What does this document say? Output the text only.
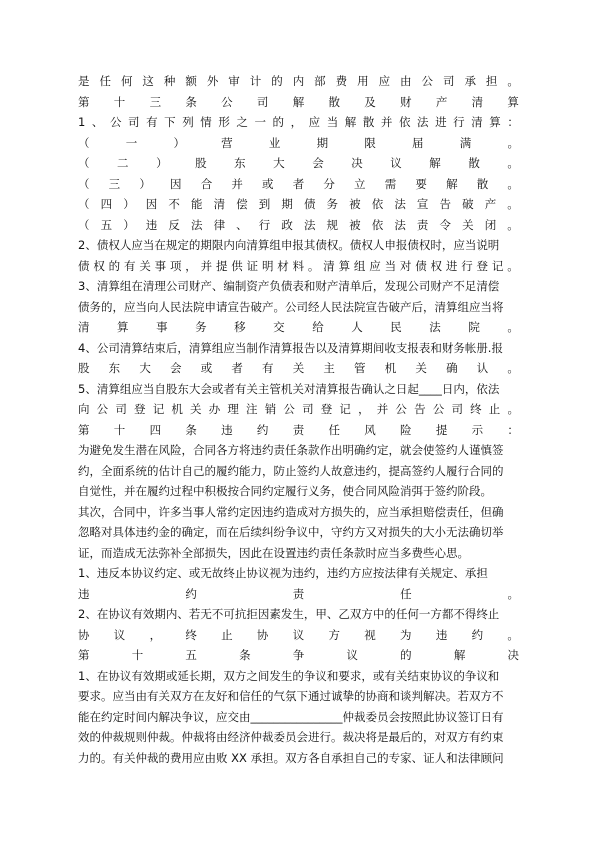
是 任 何 这 种 额 外 审 计 的 内 部 费 用 应 由 公 司 承 担 。
第 十 三 条 公 司 解 散 及 财 产 清 算
1 、 公 司 有 下 列 情 形 之 一 的 ， 应 当 解 散 并 依 法 进 行 清 算 ：
（	一	）	营	业	期	限	届	满	。
（ 二 ） 股 东 大 会 决 议 解 散 。
（ 三 ） 因 合 并 或 者 分 立 需 要 解 散 。
（ 四 ） 因 不 能 清 偿 到 期 债 务 被 依 法 宣 告 破 产 。
（ 五 ） 违 反 法 律 、 行 政 法 规 被 依 法 责 令 关 闭 。
2、债权人应当在规定的期限内向清算组申报其债权。债权人申报债权时，应当说明
债 权 的 有 关 事 项 ， 并 提 供 证 明 材 料 。 清 算 组 应 当 对 债 权 进 行 登 记 。
3、清算组在清理公司财产、编制资产负债表和财产清单后，发现公司财产不足清偿
债务的，应当向人民法院申请宣告破产。公司经人民法院宣告破产后，清算组应当将
清 算 事 务 移 交 给 人 民 法 院 。
4、公司清算结束后，清算组应当制作清算报告以及清算期间收支报表和财务帐册.报
股 东 大 会 或 者 有 关 主 管 机 关 确 认 。
5、清算组应当自股东大会或者有关主管机关对清算报告确认之日起____日内，依法
向 公 司 登 记 机 关 办 理 注 销 公 司 登 记 ， 并 公 告 公 司 终 止 。
第 十 四 条 违 约 责 任 风 险 提 示 ：
为避免发生潜在风险，合同各方将违约责任条款作出明确约定，就会使签约人谨慎签
约，全面系统的估计自己的履约能力，防止签约人故意违约，提高签约人履行合同的
自觉性，并在履约过程中积极按合同约定履行义务，使合同风险消弭于签约阶段。
其次，合同中，许多当事人常约定因违约造成对方损失的，应当承担赔偿责任，但确
忽略对具体违约金的确定，而在后续纠纷争议中，守约方又对损失的大小无法确切举
证，而造成无法弥补全部损失，因此在设置违约责任条款时应当多费些心思。
1、违反本协议约定、或无故终止协议视为违约，违约方应按法律有关规定、承担
违	约	责	任	。
2、在协议有效期内、若无不可抗拒因素发生，甲、乙双方中的任何一方都不得终止
协 议 ， 终 止 协 议 方 视 为 违 约 。
第	十	五	条	争	议	的	解	决
1、在协议有效期或延长期，双方之间发生的争议和要求，或有关结束协议的争议和
要求。应当由有关双方在友好和信任的气氛下通过诚挚的协商和谈判解决。若双方不
能在约定时间内解决争议，应交由________________仲裁委员会按照此协议签订日有
效的仲裁规则仲裁。仲裁将由经济仲裁委员会进行。裁决将是最后的，对双方有约束
力的。有关仲裁的费用应由败 XX 承担。双方各自承担自己的专家、证人和法律顾问
